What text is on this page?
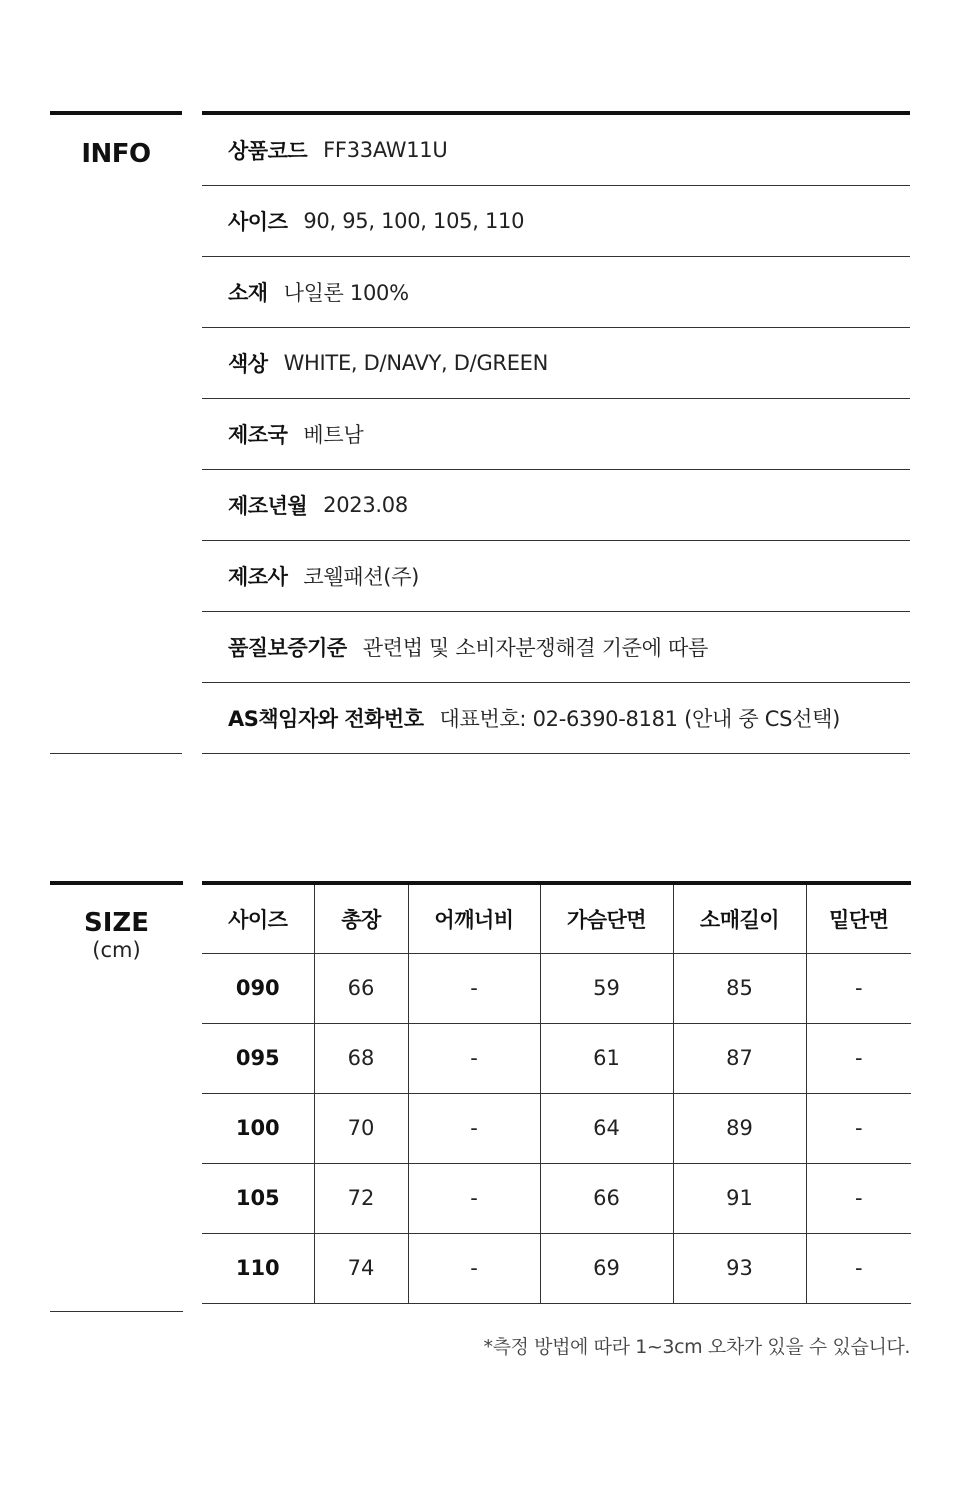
INFO	상품코드 FF33AW11U
사이즈 90, 95, 100, 105, 110
소재 나일론 100%
색상 WHITE, D/NAVY, D/GREEN
제조국 베트남
제조년월 2023.08
제조사 코웰패션(주)
품질보증기준 관련법 및 소비자분쟁해결 기준에 따름
AS책임자와 전화번호 대표번호: 02-6390-8181 (안내 중 CS선택)
SIZE
(cm)
사이즈	총장	어깨너비	가슴단면	소매길이	밑단면
090	66	-	59	85	-
095	68	-	61	87	-
100	70	-	64	89	-
105	72	-	66	91	-
110	74	-	69	93	-
*측정 방법에 따라 1~3cm 오차가 있을 수 있습니다.
